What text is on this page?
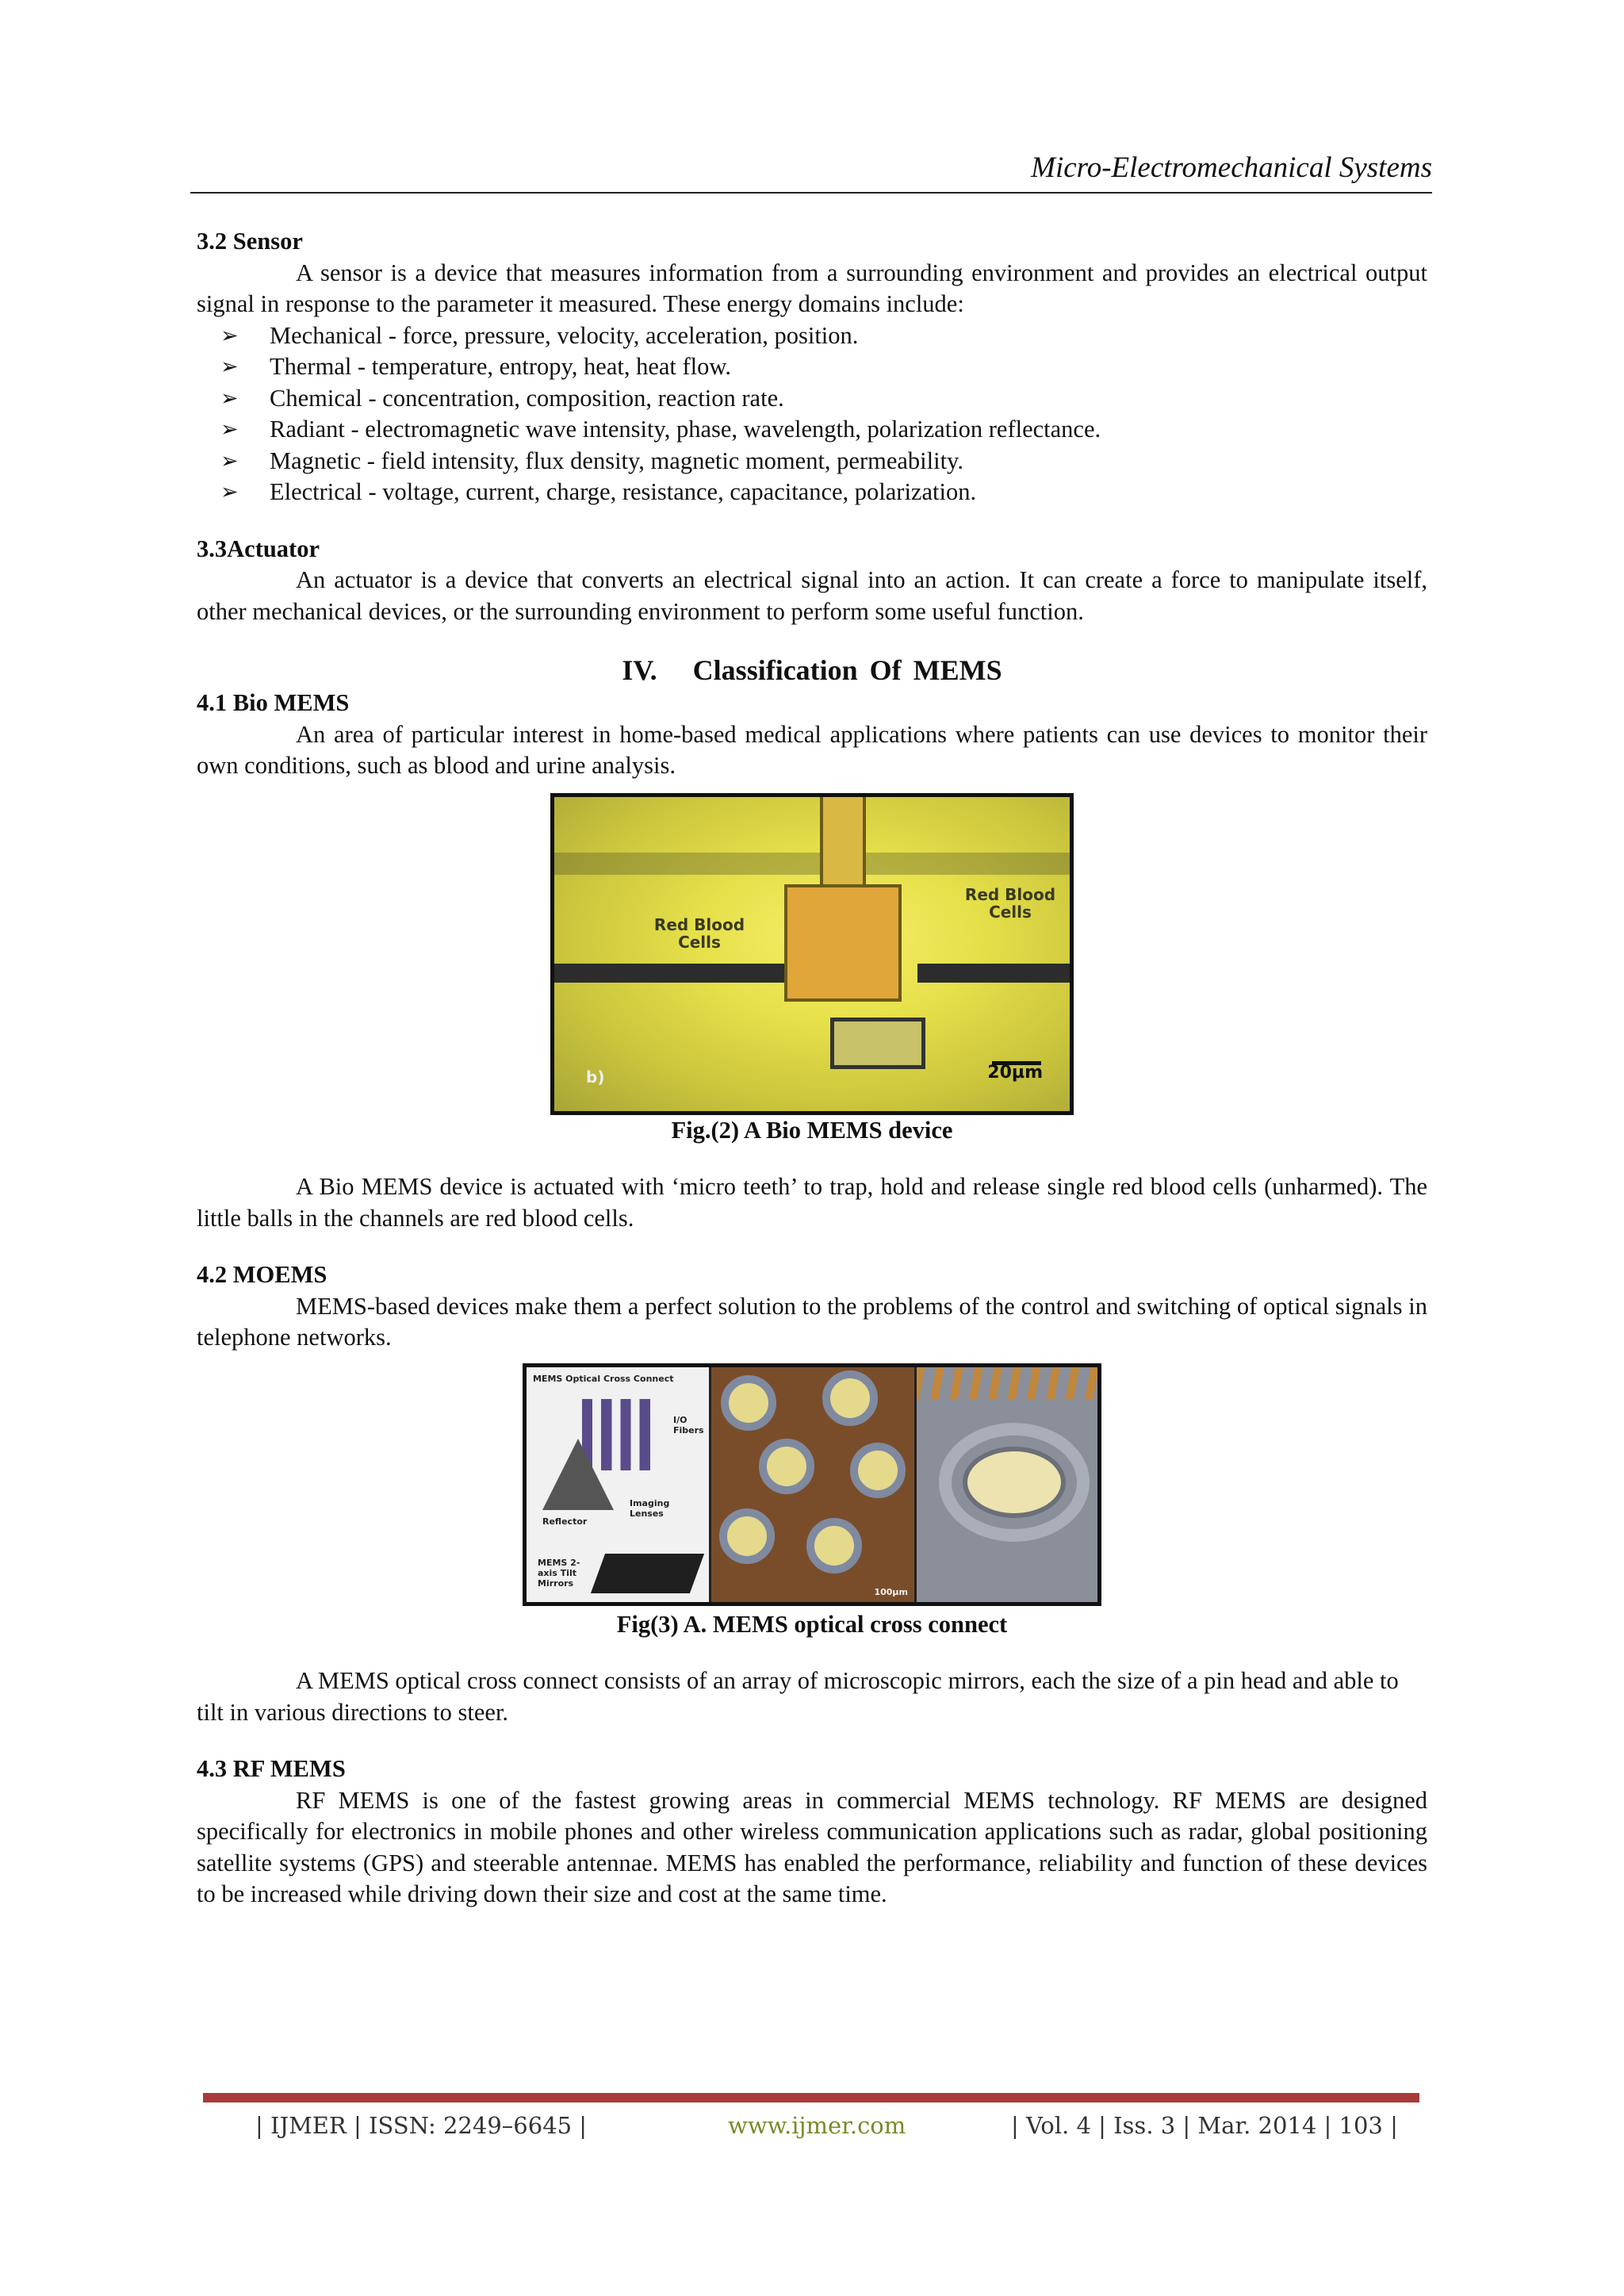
Micro-Electromechanical Systems

3.2 Sensor

A sensor is a device that measures information from a surrounding environment and provides an electrical output signal in response to the parameter it measured. These energy domains include:

➢ Mechanical - force, pressure, velocity, acceleration, position.
➢ Thermal - temperature, entropy, heat, heat flow.
➢ Chemical - concentration, composition, reaction rate.
➢ Radiant - electromagnetic wave intensity, phase, wavelength, polarization reflectance.
➢ Magnetic - field intensity, flux density, magnetic moment, permeability.
➢ Electrical - voltage, current, charge, resistance, capacitance, polarization.

3.3Actuator

An actuator is a device that converts an electrical signal into an action. It can create a force to manipulate itself, other mechanical devices, or the surrounding environment to perform some useful function.

IV.   Classification Of MEMS

4.1 Bio MEMS

An area of particular interest in home-based medical applications where patients can use devices to monitor their own conditions, such as blood and urine analysis.

Red Blood Cells
Red Blood Cells
20µm
b)

Fig.(2) A Bio MEMS device

A Bio MEMS device is actuated with ‘micro teeth’ to trap, hold and release single red blood cells (unharmed). The little balls in the channels are red blood cells.

4.2 MOEMS

MEMS-based devices make them a perfect solution to the problems of the control and switching of optical signals in telephone networks.

MEMS Optical Cross Connect
I/O Fibers
Reflector
Imaging Lenses
MEMS 2-axis Tilt Mirrors
100µm

Fig(3) A. MEMS optical cross connect

A MEMS optical cross connect consists of an array of microscopic mirrors, each the size of a pin head and able to tilt in various directions to steer.

4.3 RF MEMS

RF MEMS is one of the fastest growing areas in commercial MEMS technology. RF MEMS are designed specifically for electronics in mobile phones and other wireless communication applications such as radar, global positioning satellite systems (GPS) and steerable antennae. MEMS has enabled the performance, reliability and function of these devices to be increased while driving down their size and cost at the same time.

| IJMER | ISSN: 2249–6645 |	www.ijmer.com	| Vol. 4 | Iss. 3 | Mar. 2014 | 103 |
